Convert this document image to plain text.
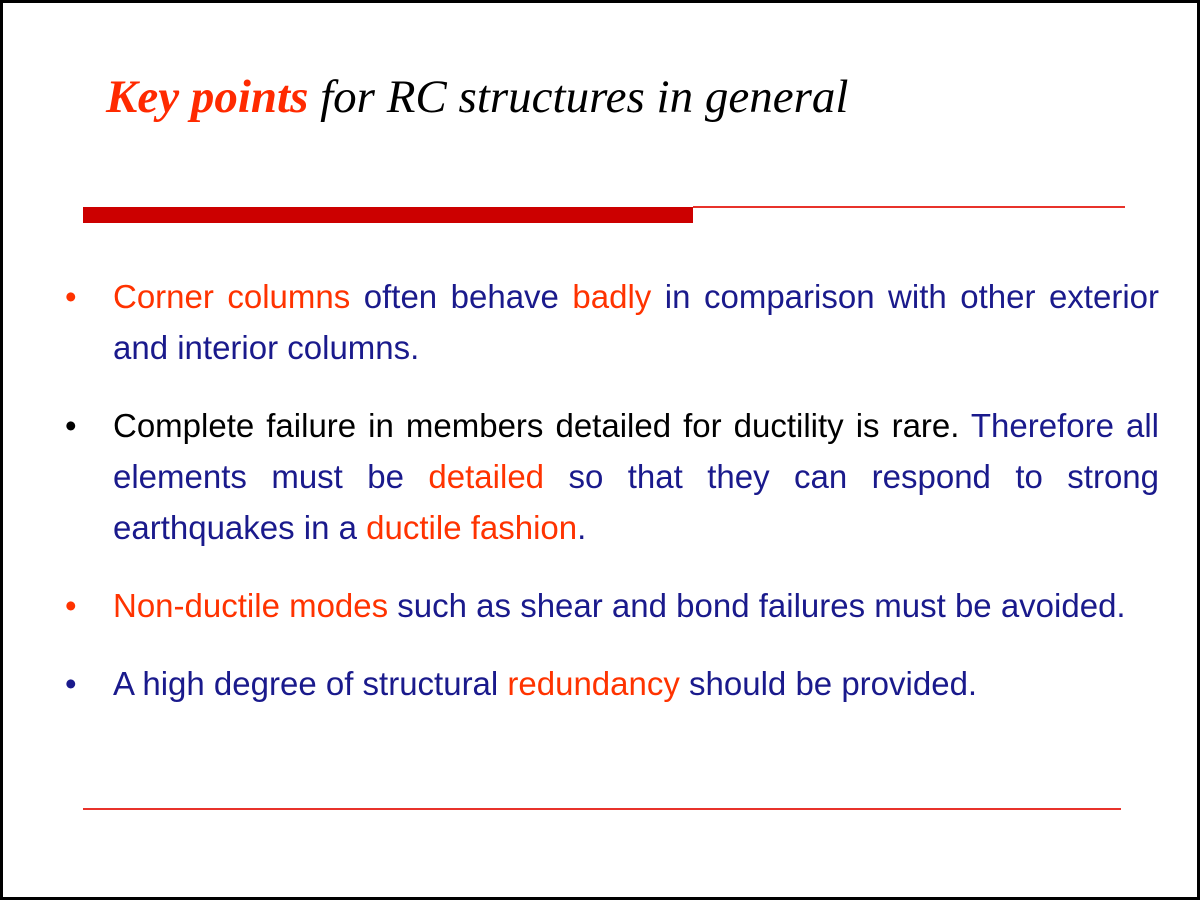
Key points for RC structures in general
• Corner columns often behave badly in comparison with other exterior and interior columns.
• Complete failure in members detailed for ductility is rare. Therefore all elements must be detailed so that they can respond to strong earthquakes in a ductile fashion.
• Non-ductile modes such as shear and bond failures must be avoided.
• A high degree of structural redundancy should be provided.
